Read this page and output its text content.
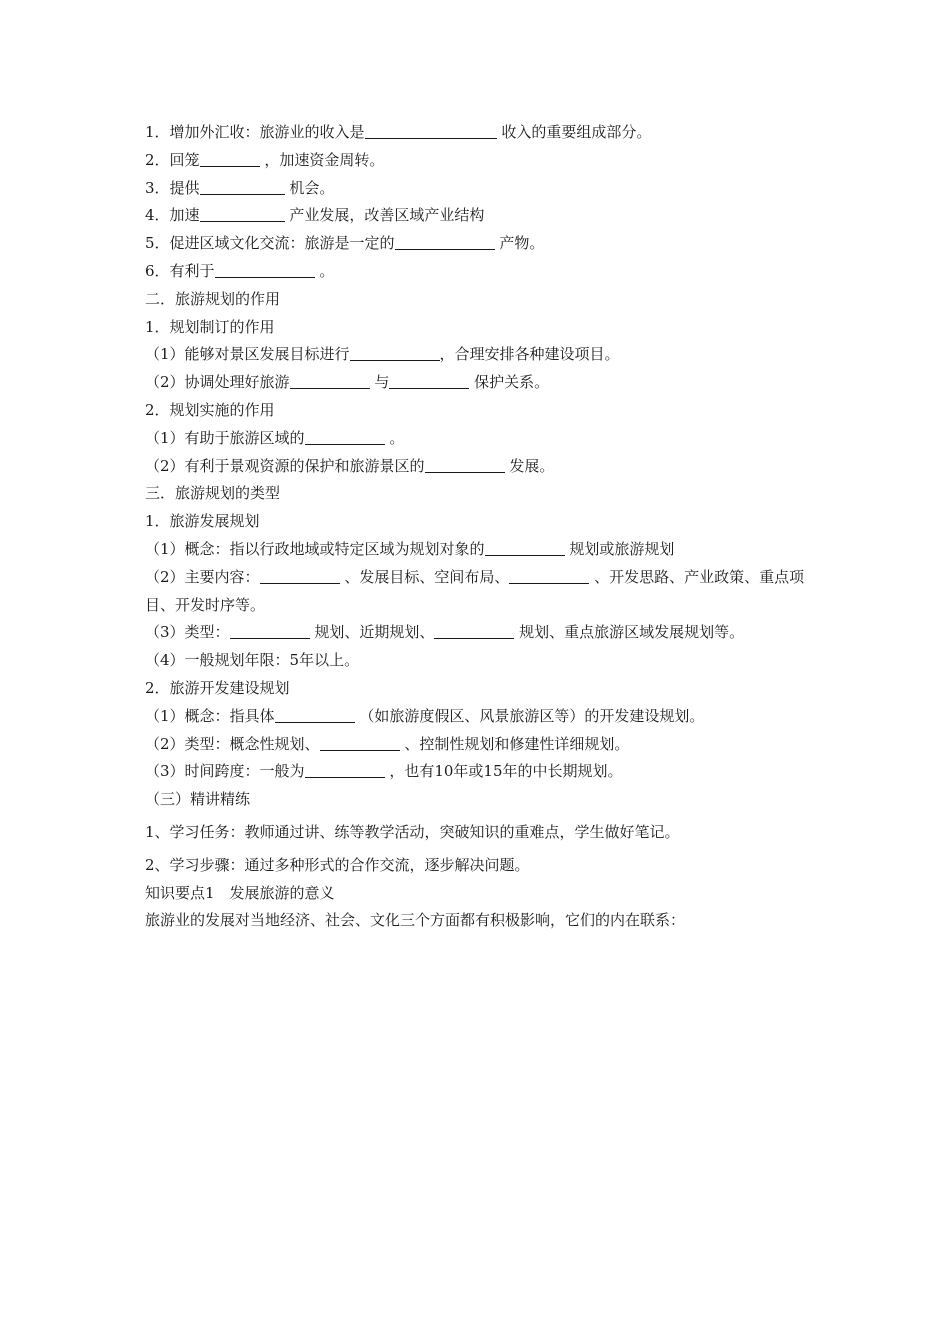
1．增加外汇收：旅游业的收入是	收入的重要组成部分。
2．回笼	，加速资金周转。
3．提供	机会。
4．加速	产业发展，改善区域产业结构
5．促进区域文化交流：旅游是一定的	产物。
6．有利于	。
二．旅游规划的作用
1．规划制订的作用
（1）能够对景区发展目标进行	，合理安排各种建设项目。
（2）协调处理好旅游	与	保护关系。
2．规划实施的作用
（1）有助于旅游区域的	。
（2）有利于景观资源的保护和旅游景区的	发展。
三．旅游规划的类型
1．旅游发展规划
（1）概念：指以行政地域或特定区域为规划对象的	规划或旅游规划
（2）主要内容：	、发展目标、空间布局、	、开发思路、产业政策、重点项目、开发时序等。
（3）类型：	规划、近期规划、	规划、重点旅游区域发展规划等。
（4）一般规划年限：5年以上。
2．旅游开发建设规划
（1）概念：指具体	（如旅游度假区、风景旅游区等）的开发建设规划。
（2）类型：概念性规划、	、控制性规划和修建性详细规划。
（3）时间跨度：一般为	，也有10年或15年的中长期规划。
（三）精讲精练
1、学习任务：教师通过讲、练等教学活动，突破知识的重难点，学生做好笔记。
2、学习步骤：通过多种形式的合作交流，逐步解决问题。
知识要点1　发展旅游的意义
旅游业的发展对当地经济、社会、文化三个方面都有积极影响，它们的内在联系：
